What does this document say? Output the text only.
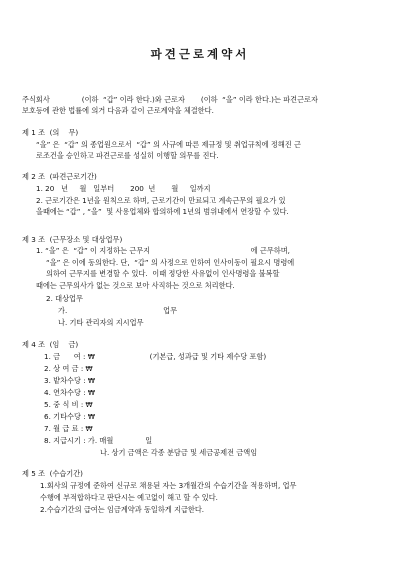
파견근로계약서
주식회사              (이하  “갑” 이라 한다.)와 근로자       (이하  “을” 이라 한다.)는 파견근로자
보호등에 관한 법률에 의거 다음과 같이 근로계약을 체결한다.
제 1 조  (의    무)
“을” 은  “갑” 의 종업원으로서  “갑” 의 사규에 따른 제규정 및 취업규칙에 정해진 근
로조건을 승인하고 파견근로를 성실히 이행할 의무를 진다.
제 2 조  (파견근로기간)
1. 20   년     월   일부터       200  년       월     일까지
2. 근로기간은 1년을 원칙으로 하며, 근로기간이 만료되고 계속근무의 필요가 있
을때에는 “갑” , “을”  및 사용업체와 합의하에 1년의 범위내에서 연장할 수 있다.
제 3 조  (근무장소 및 대상업무)
1. “을” 은  “갑” 이 지정하는 근무지                                            에 근무하며,
“을” 은 이에 동의한다. 단,  “갑” 의 사정으로 인하여 인사이동이 필요시 명령에
의하여 근무지를 변경할 수 있다.  이때 정당한 사유없이 인사명령을 불복할
때에는 근무의사가 없는 것으로 보아 사직하는 것으로 처리한다.
2. 대상업무
가.                                          업무
나. 기타 관리자의 지시업무
제 4 조  (임    금)
1. 금      여 : ₩                        (기본급, 성과급 및 기타 제수당 포함)
2. 상 여 금 : ₩
3. 밭차수당 : ₩
4. 연차수당 : ₩
5. 중 식 비 : ₩
6. 기타수당 : ₩
7. 월 급 료 : ₩
8. 지급시기 : 가. 매월              일
나. 상기 금액은 각종 분담금 및 세금공제전 금액임
제 5 조  (수습기간)
1.회사의 규정에 준하여 신규로 채용된 자는 3개월간의 수습기간을 적용하며, 업무
수행에 부적합하다고 판단시는 예고없이 해고 할 수 있다.
2.수습기간의 급여는 임금계약과 동일하게 지급한다.
